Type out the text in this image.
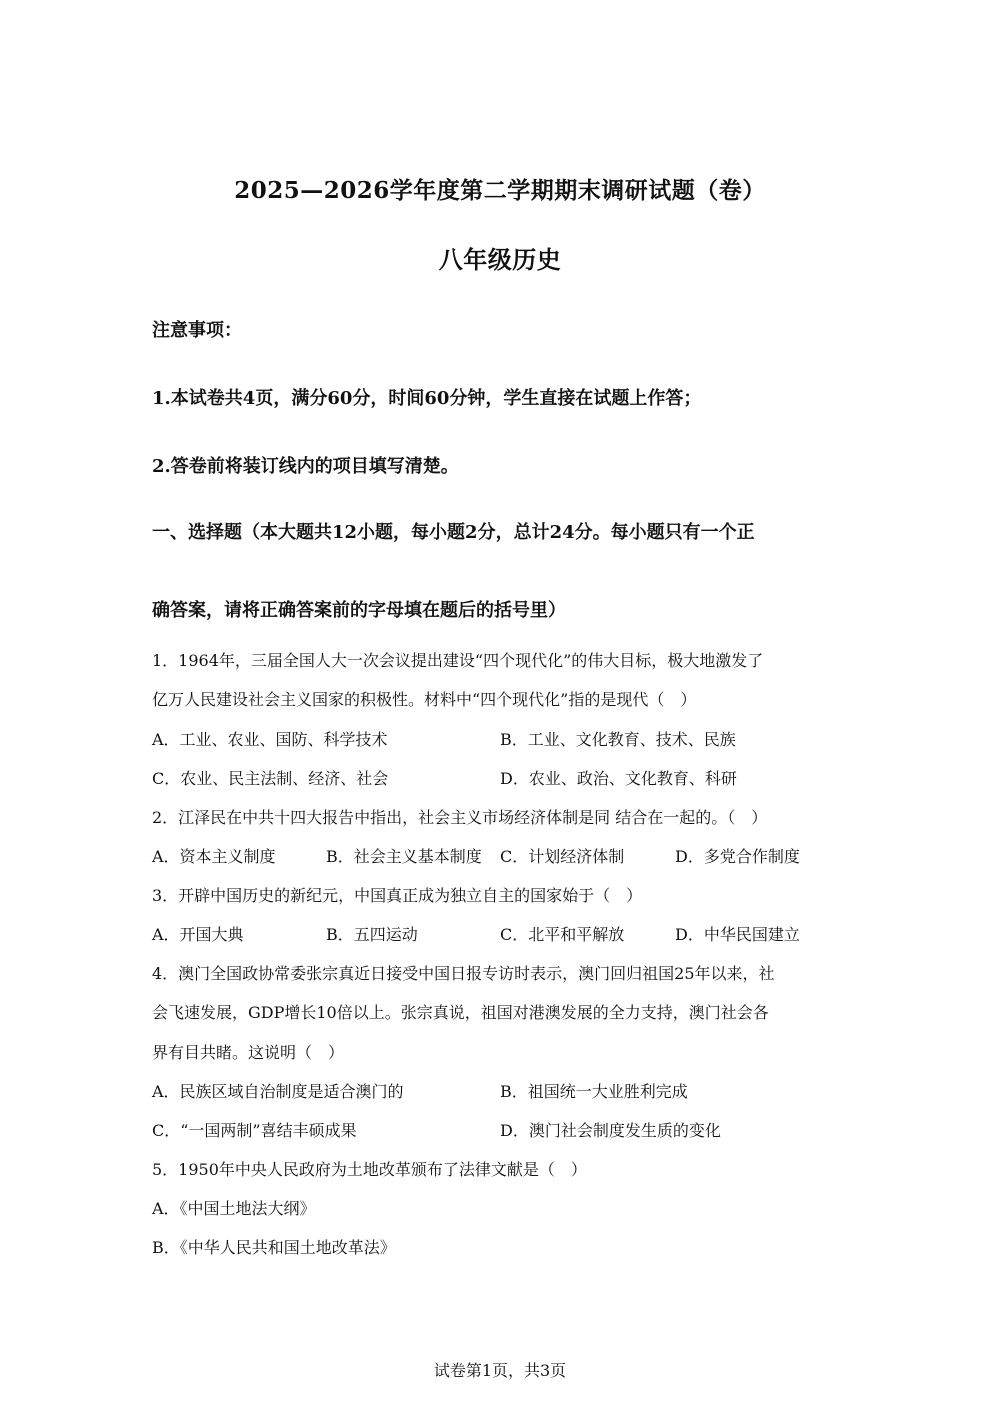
2025—2026学年度第二学期期末调研试题（卷）
八年级历史
注意事项：
1.本试卷共4页，满分60分，时间60分钟，学生直接在试题上作答；
2.答卷前将装订线内的项目填写清楚。
一、选择题（本大题共12小题，每小题2分，总计24分。每小题只有一个正
确答案，请将正确答案前的字母填在题后的括号里）
1．1964年，三届全国人大一次会议提出建设“四个现代化”的伟大目标，极大地激发了
亿万人民建设社会主义国家的积极性。材料中“四个现代化”指的是现代（　）
A．工业、农业、国防、科学技术	B．工业、文化教育、技术、民族
C．农业、民主法制、经济、社会	D．农业、政治、文化教育、科研
2．江泽民在中共十四大报告中指出，社会主义市场经济体制是同 结合在一起的。（　）
A．资本主义制度	B．社会主义基本制度 C．计划经济体制	D．多党合作制度
3．开辟中国历史的新纪元，中国真正成为独立自主的国家始于（　）
A．开国大典	B．五四运动	C．北平和平解放	D．中华民国建立
4．澳门全国政协常委张宗真近日接受中国日报专访时表示，澳门回归祖国25年以来，社
会飞速发展，GDP增长10倍以上。张宗真说，祖国对港澳发展的全力支持，澳门社会各
界有目共睹。这说明（　）
A．民族区域自治制度是适合澳门的	B．祖国统一大业胜利完成
C．“一国两制”喜结丰硕成果	D．澳门社会制度发生质的变化
5．1950年中央人民政府为土地改革颁布了法律文献是（　）
A．《中国土地法大纲》
B．《中华人民共和国土地改革法》
试卷第1页，共3页
